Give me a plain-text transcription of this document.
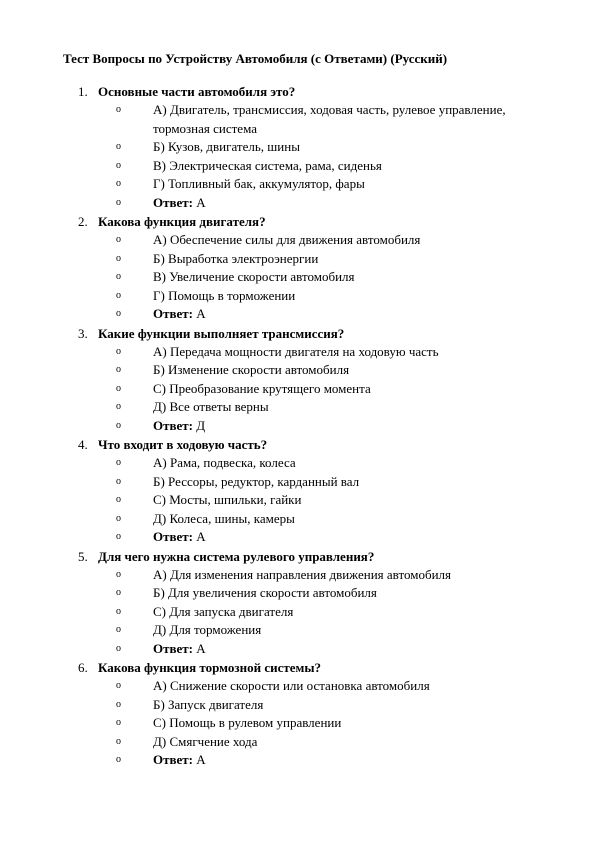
Тест Вопросы по Устройству Автомобиля (с Ответами) (Русский)
1. Основные части автомобиля это?
o	А) Двигатель, трансмиссия, ходовая часть, рулевое управление, тормозная система
o	Б) Кузов, двигатель, шины
o	В) Электрическая система, рама, сиденья
o	Г) Топливный бак, аккумулятор, фары
o	Ответ: А
2. Какова функция двигателя?
o	А) Обеспечение силы для движения автомобиля
o	Б) Выработка электроэнергии
o	В) Увеличение скорости автомобиля
o	Г) Помощь в торможении
o	Ответ: А
3. Какие функции выполняет трансмиссия?
o	А) Передача мощности двигателя на ходовую часть
o	Б) Изменение скорости автомобиля
o	С) Преобразование крутящего момента
o	Д) Все ответы верны
o	Ответ: Д
4. Что входит в ходовую часть?
o	А) Рама, подвеска, колеса
o	Б) Рессоры, редуктор, карданный вал
o	С) Мосты, шпильки, гайки
o	Д) Колеса, шины, камеры
o	Ответ: А
5. Для чего нужна система рулевого управления?
o	А) Для изменения направления движения автомобиля
o	Б) Для увеличения скорости автомобиля
o	С) Для запуска двигателя
o	Д) Для торможения
o	Ответ: А
6. Какова функция тормозной системы?
o	А) Снижение скорости или остановка автомобиля
o	Б) Запуск двигателя
o	С) Помощь в рулевом управлении
o	Д) Смягчение хода
o	Ответ: А
